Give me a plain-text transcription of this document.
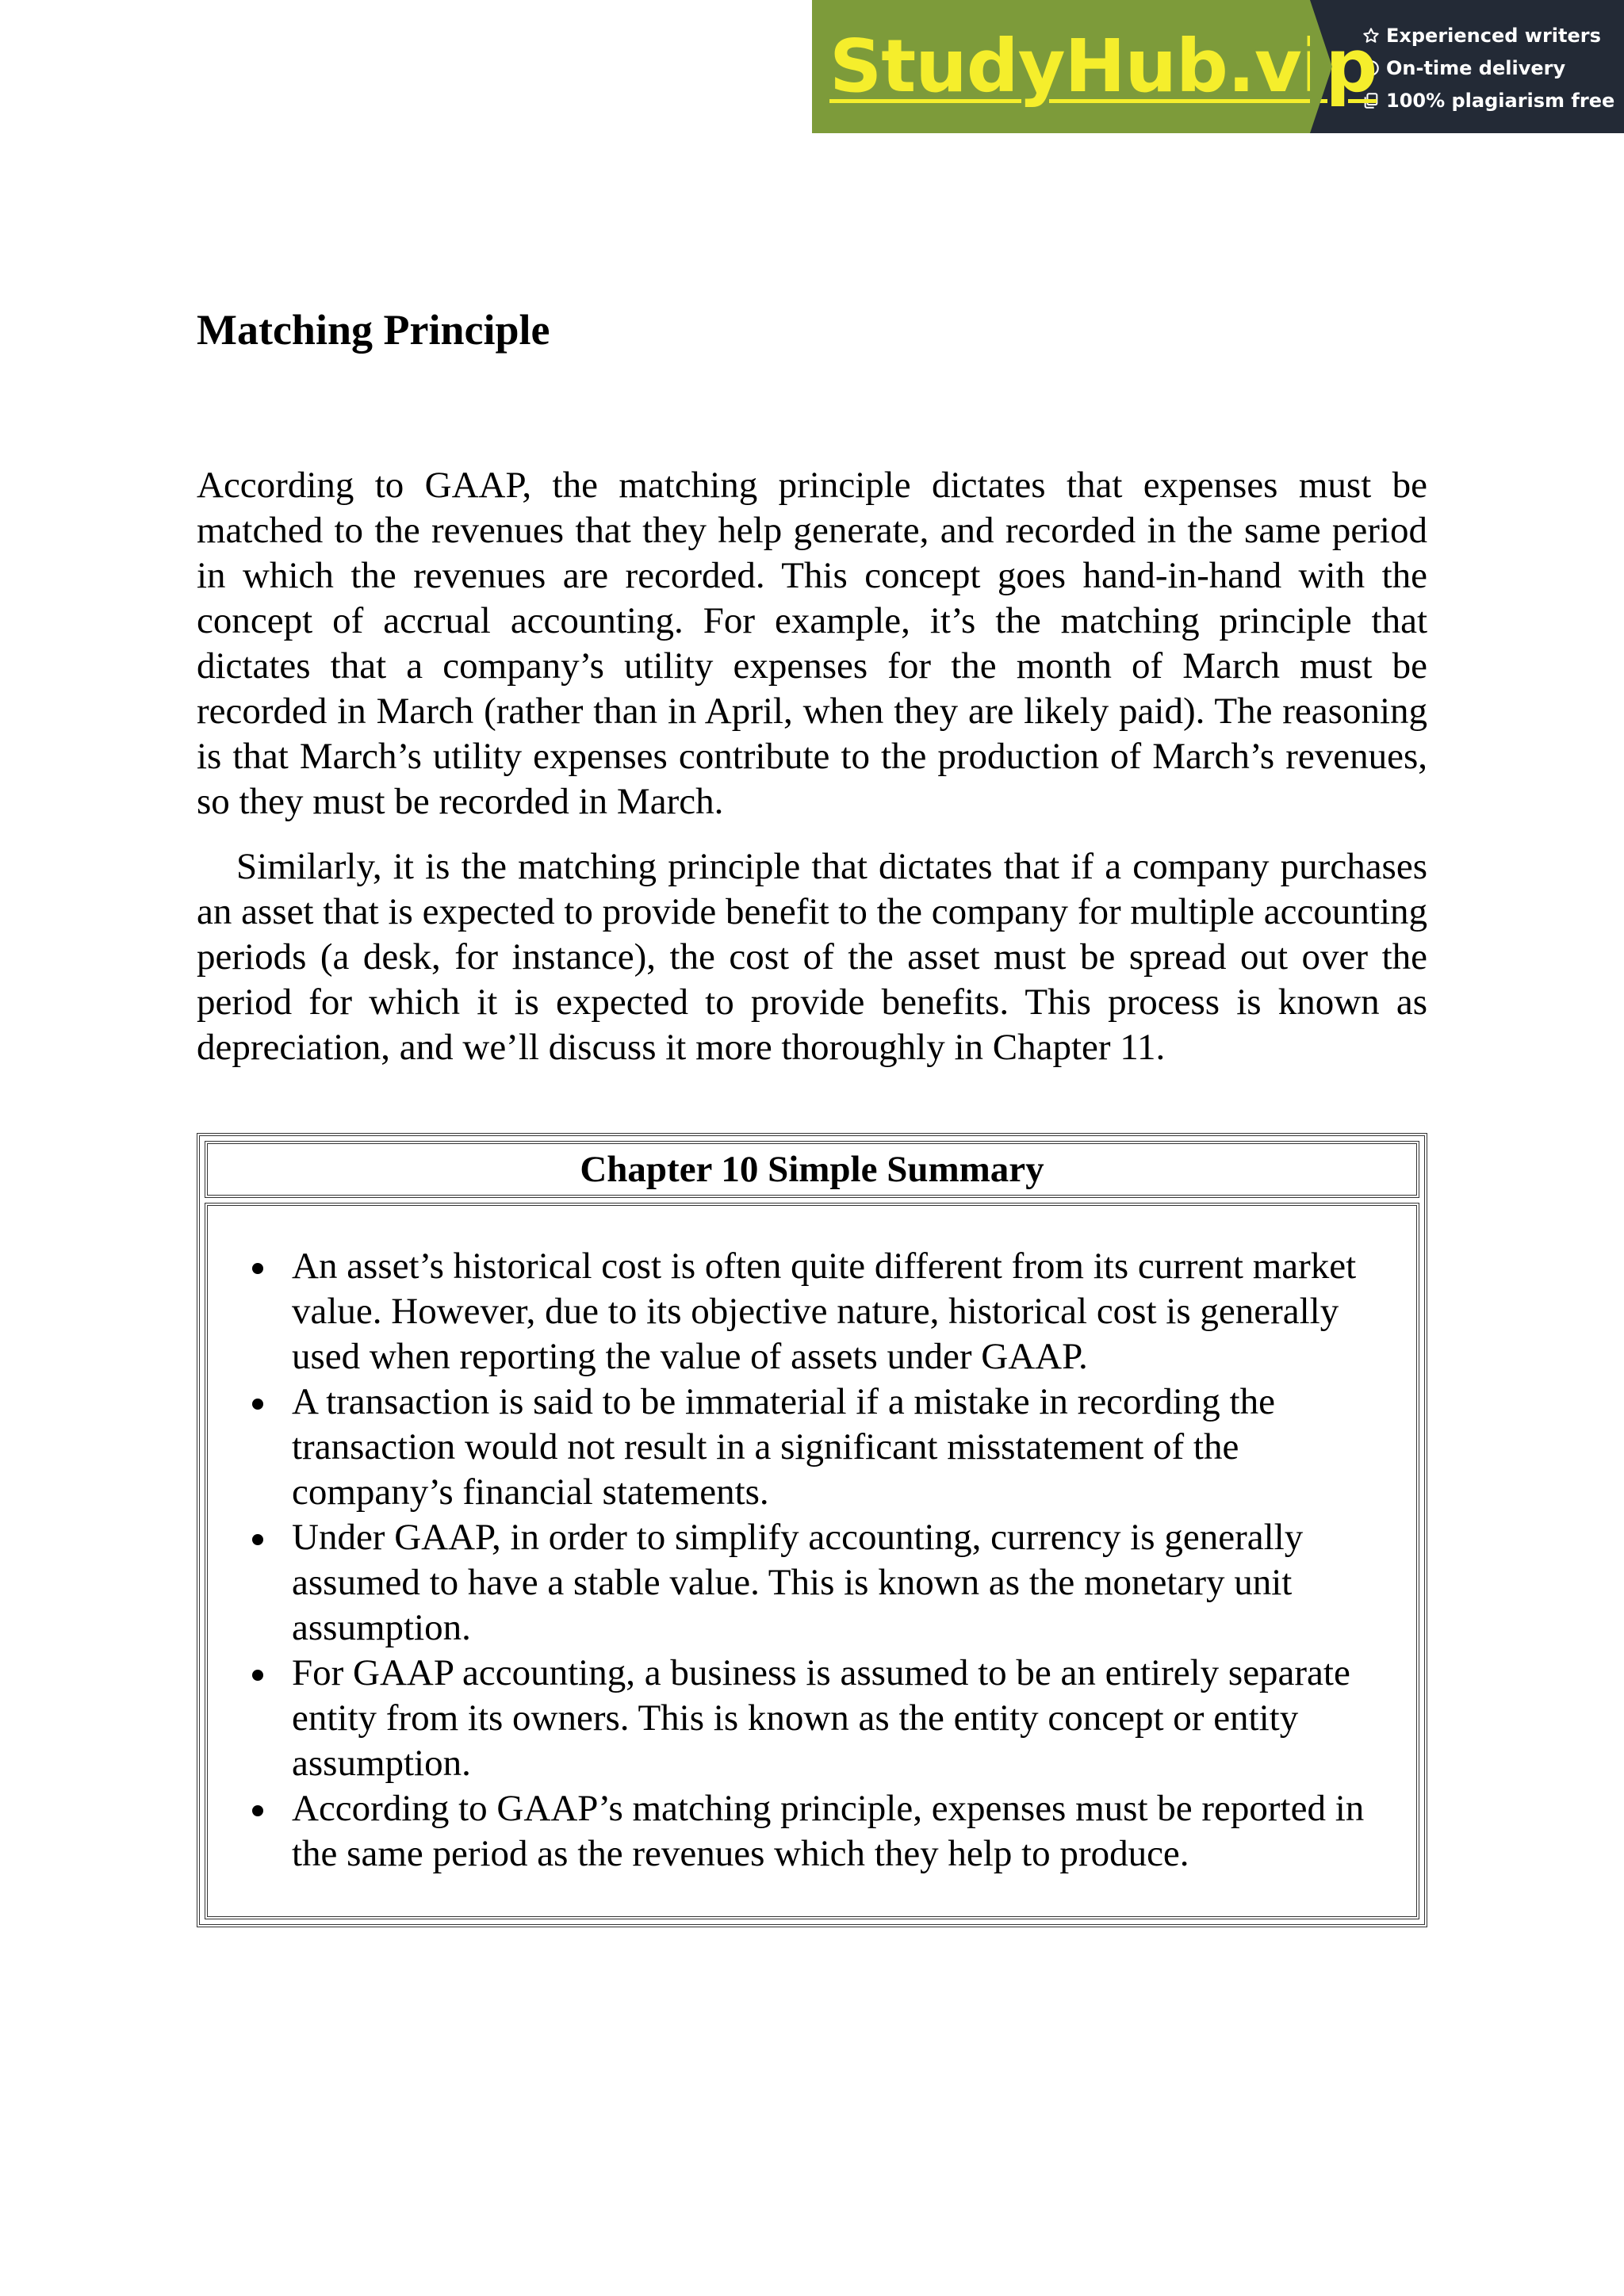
StudyHub.vip Experienced writers
On-time delivery
100% plagiarism free
Matching Principle

According to GAAP, the matching principle dictates that expenses must be matched to the revenues that they help generate, and recorded in the same period in which the revenues are recorded. This concept goes hand-in-hand with the concept of accrual accounting. For example, it’s the matching principle that dictates that a company’s utility expenses for the month of March must be recorded in March (rather than in April, when they are likely paid). The reasoning is that March’s utility expenses contribute to the production of March’s revenues, so they must be recorded in March.

Similarly, it is the matching principle that dictates that if a company purchases an asset that is expected to provide benefit to the company for multiple accounting periods (a desk, for instance), the cost of the asset must be spread out over the period for which it is expected to provide benefits. This process is known as depreciation, and we’ll discuss it more thoroughly in Chapter 11.

Chapter 10 Simple Summary
An asset’s historical cost is often quite different from its current market value. However, due to its objective nature, historical cost is generally used when reporting the value of assets under GAAP.
A transaction is said to be immaterial if a mistake in recording the transaction would not result in a significant misstatement of the company’s financial statements.
Under GAAP, in order to simplify accounting, currency is generally assumed to have a stable value. This is known as the monetary unit assumption.
For GAAP accounting, a business is assumed to be an entirely separate entity from its owners. This is known as the entity concept or entity assumption.
According to GAAP’s matching principle, expenses must be reported in the same period as the revenues which they help to produce.
